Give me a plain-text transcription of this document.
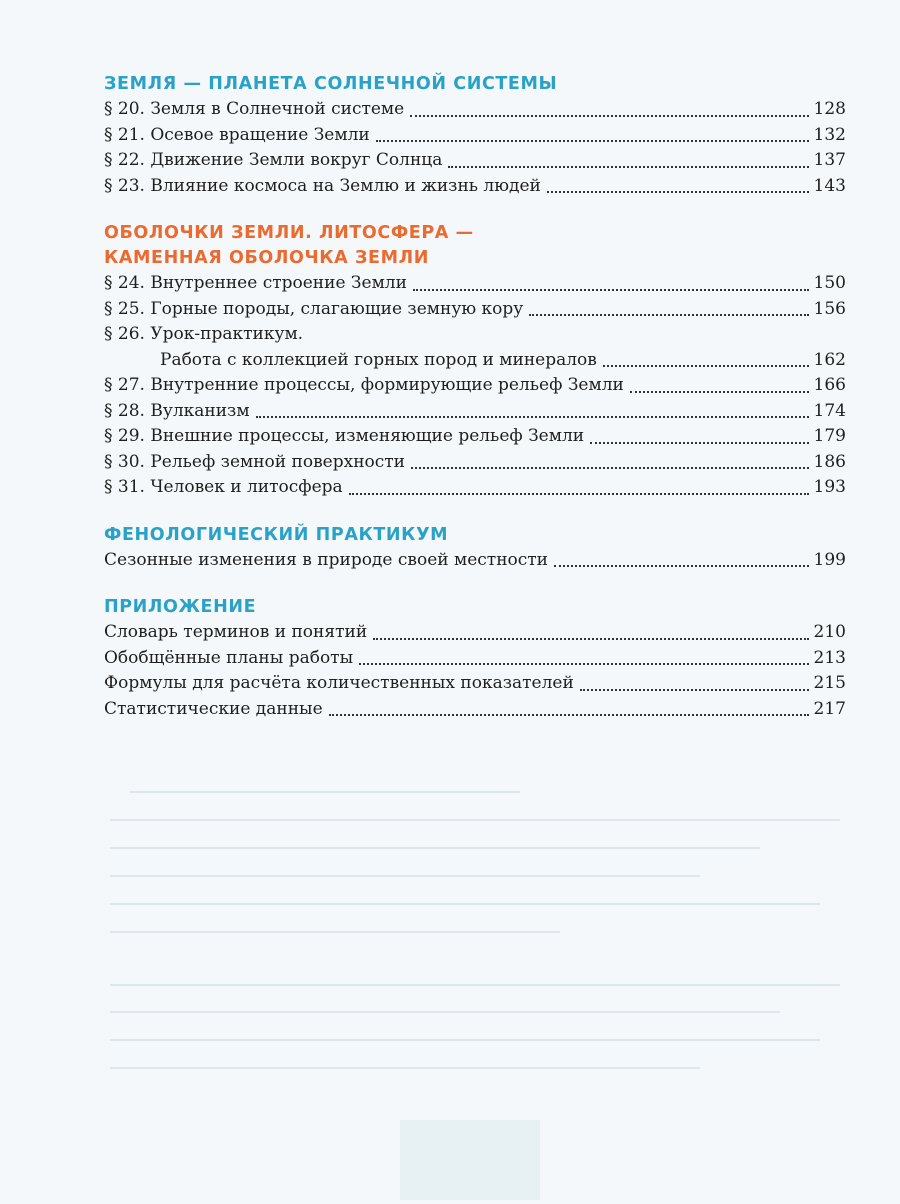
ЗЕМЛЯ — ПЛАНЕТА СОЛНЕЧНОЙ СИСТЕМЫ
§ 20. Земля в Солнечной системе	128
§ 21. Осевое вращение Земли	132
§ 22. Движение Земли вокруг Солнца	137
§ 23. Влияние космоса на Землю и жизнь людей	143
ОБОЛОЧКИ ЗЕМЛИ. ЛИТОСФЕРА —
КАМЕННАЯ ОБОЛОЧКА ЗЕМЛИ
§ 24. Внутреннее строение Земли	150
§ 25. Горные породы, слагающие земную кору	156
§ 26. Урок-практикум.
Работа с коллекцией горных пород и минералов	162
§ 27. Внутренние процессы, формирующие рельеф Земли	166
§ 28. Вулканизм	174
§ 29. Внешние процессы, изменяющие рельеф Земли	179
§ 30. Рельеф земной поверхности	186
§ 31. Человек и литосфера	193
ФЕНОЛОГИЧЕСКИЙ ПРАКТИКУМ
Сезонные изменения в природе своей местности	199
ПРИЛОЖЕНИЕ
Словарь терминов и понятий	210
Обобщённые планы работы	213
Формулы для расчёта количественных показателей	215
Статистические данные	217
